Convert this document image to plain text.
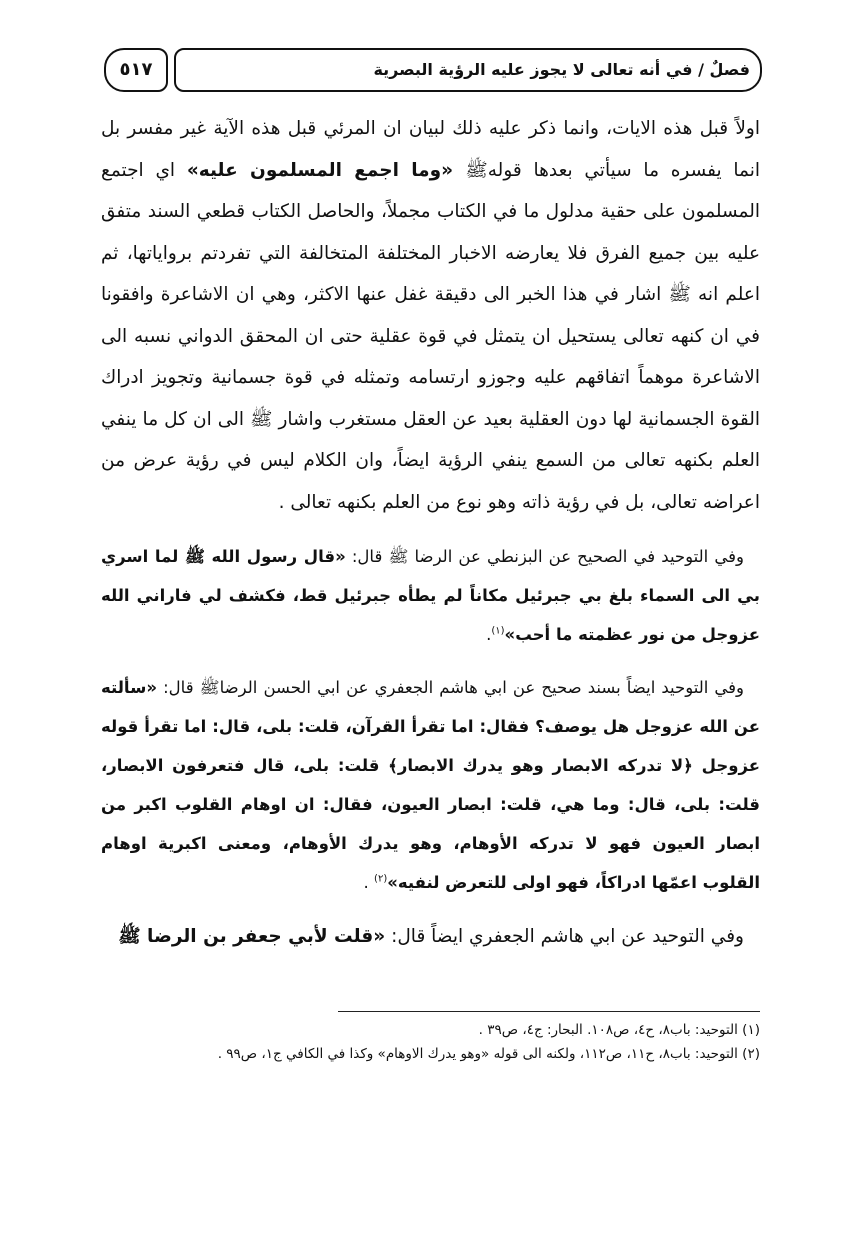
فصلٌ / في أنه تعالى لا يجوز عليه الرؤية البصرية
٥١٧

اولاً قبل هذه الايات، وانما ذكر عليه ذلك لبيان ان المرئي قبل هذه الآية غير مفسر بل انما يفسره ما سيأتي بعدها قولهﷺ «وما اجمع المسلمون عليه» اي اجتمع المسلمون على حقية مدلول ما في الكتاب مجملاً، والحاصل الكتاب قطعي السند متفق عليه بين جميع الفرق فلا يعارضه الاخبار المختلفة المتخالفة التي تفردتم برواياتها، ثم اعلم انه ﷺ اشار في هذا الخبر الى دقيقة غفل عنها الاكثر، وهي ان الاشاعرة وافقونا في ان كنهه تعالى يستحيل ان يتمثل في قوة عقلية حتى ان المحقق الدواني نسبه الى الاشاعرة موهماً اتفاقهم عليه وجوزو ارتسامه وتمثله في قوة جسمانية وتجويز ادراك القوة الجسمانية لها دون العقلية بعيد عن العقل مستغرب واشار ﷺ الى ان كل ما ينفي العلم بكنهه تعالى من السمع ينفي الرؤية ايضاً، وان الكلام ليس في رؤية عرض من اعراضه تعالى، بل في رؤية ذاته وهو نوع من العلم بكنهه تعالى .

وفي التوحيد في الصحيح عن البزنطي عن الرضا ﷺ قال: «قال رسول الله ﷺ لما اسري بي الى السماء بلغ بي جبرئيل مكاناً لم يطأه جبرئيل قط، فكشف لي فاراني الله عزوجل من نور عظمته ما أحب»$^{(١)}$.

وفي التوحيد ايضاً بسند صحيح عن ابي هاشم الجعفري عن ابي الحسن الرضاﷺ قال: «سألته عن الله عزوجل هل يوصف؟ فقال: اما تقرأ القرآن، قلت: بلى، قال: اما تقرأ قوله عزوجل ﴿لا تدركه الابصار وهو يدرك الابصار﴾ قلت: بلى، قال فتعرفون الابصار، قلت: بلى، قال: وما هي، قلت: ابصار العيون، فقال: ان اوهام القلوب اكبر من ابصار العيون فهو لا تدركه الأوهام، وهو يدرك الأوهام، ومعنى اكبرية اوهام القلوب اعمّها ادراكاً، فهو اولى للتعرض لنفيه»$^{(٢)}$ .

وفي التوحيد عن ابي هاشم الجعفري ايضاً قال: «قلت لأبي جعفر بن الرضا ﷺ

(١) التوحيد: باب٨، ح٤، ص١٠٨. البحار: ج٤، ص٣٩ .

(٢) التوحيد: باب٨، ح١١، ص١١٢، ولكنه الى قوله «وهو يدرك الاوهام» وكذا في الكافي ج١، ص٩٩ .
